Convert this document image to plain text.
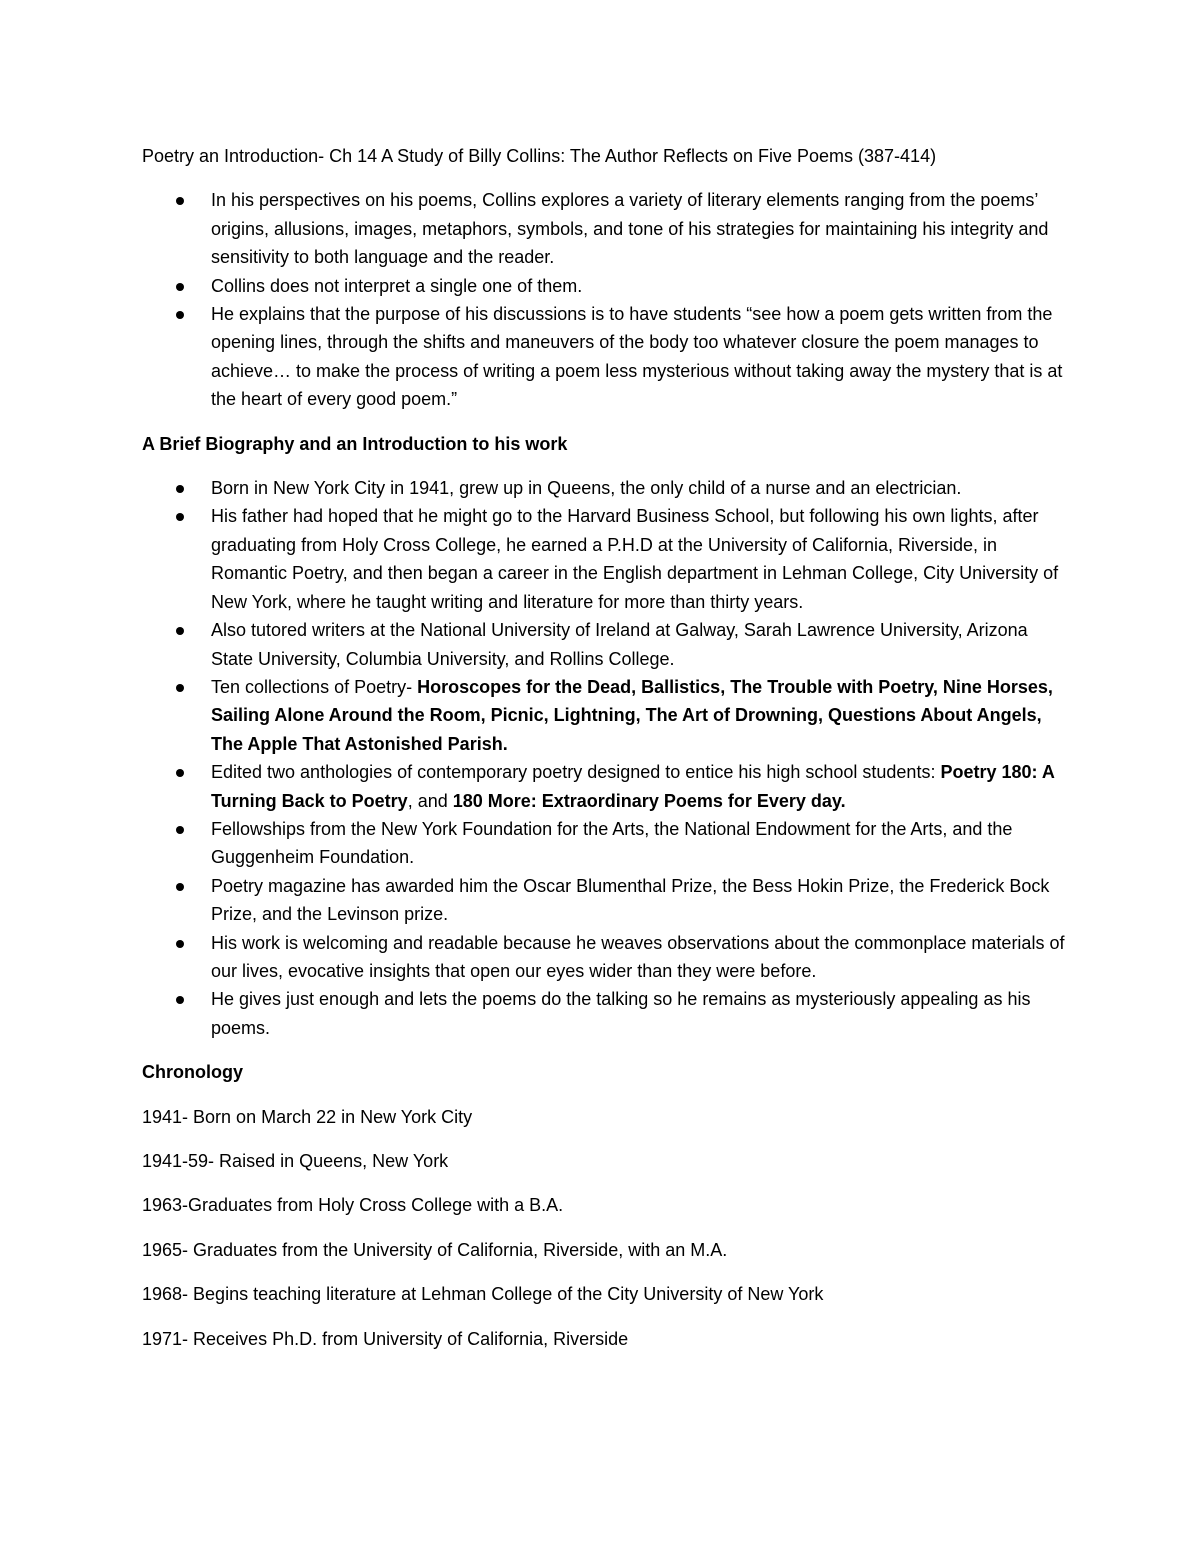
Poetry an Introduction- Ch 14 A Study of Billy Collins: The Author Reflects on Five Poems (387-414)

In his perspectives on his poems, Collins explores a variety of literary elements ranging from the poems’ origins, allusions, images, metaphors, symbols, and tone of his strategies for maintaining his integrity and sensitivity to both language and the reader.
Collins does not interpret a single one of them.
He explains that the purpose of his discussions is to have students “see how a poem gets written from the opening lines, through the shifts and maneuvers of the body too whatever closure the poem manages to achieve… to make the process of writing a poem less mysterious without taking away the mystery that is at the heart of every good poem.”

A Brief Biography and an Introduction to his work

Born in New York City in 1941, grew up in Queens, the only child of a nurse and an electrician.
His father had hoped that he might go to the Harvard Business School, but following his own lights, after graduating from Holy Cross College, he earned a P.H.D at the University of California, Riverside, in Romantic Poetry, and then began a career in the English department in Lehman College, City University of New York, where he taught writing and literature for more than thirty years.
Also tutored writers at the National University of Ireland at Galway, Sarah Lawrence University, Arizona State University, Columbia University, and Rollins College.
Ten collections of Poetry- Horoscopes for the Dead, Ballistics, The Trouble with Poetry, Nine Horses, Sailing Alone Around the Room, Picnic, Lightning, The Art of Drowning, Questions About Angels, The Apple That Astonished Parish.
Edited two anthologies of contemporary poetry designed to entice his high school students: Poetry 180: A Turning Back to Poetry, and 180 More: Extraordinary Poems for Every day.
Fellowships from the New York Foundation for the Arts, the National Endowment for the Arts, and the Guggenheim Foundation.
Poetry magazine has awarded him the Oscar Blumenthal Prize, the Bess Hokin Prize, the Frederick Bock Prize, and the Levinson prize.
His work is welcoming and readable because he weaves observations about the commonplace materials of our lives, evocative insights that open our eyes wider than they were before.
He gives just enough and lets the poems do the talking so he remains as mysteriously appealing as his poems.

Chronology

1941- Born on March 22 in New York City

1941-59- Raised in Queens, New York

1963-Graduates from Holy Cross College with a B.A.

1965- Graduates from the University of California, Riverside, with an M.A.

1968- Begins teaching literature at Lehman College of the City University of New York

1971- Receives Ph.D. from University of California, Riverside
